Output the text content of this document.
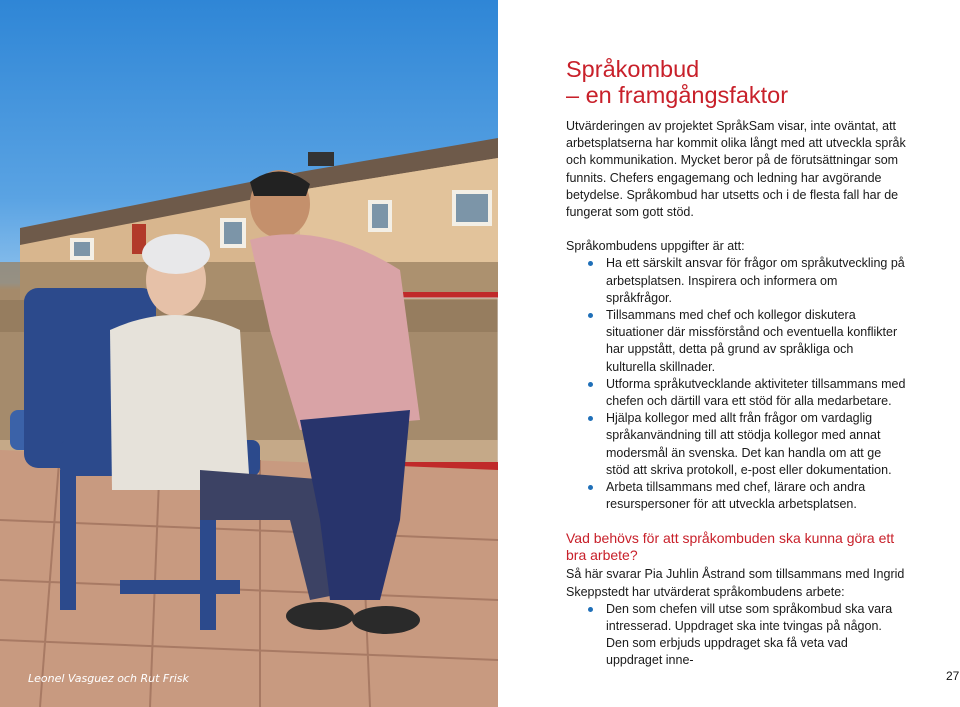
Leonel Vasguez och Rut Frisk
Språkombud
– en framgångsfaktor

Utvärderingen av projektet SpråkSam visar, inte oväntat, att arbetsplatserna har kommit olika långt med att utveckla språk och kommunikation. Mycket beror på de förutsättningar som funnits. Chefers engagemang och ledning har avgörande betydelse. Språkombud har utsetts och i de flesta fall har de fungerat som gott stöd.

Språkombudens uppgifter är att:

Ha ett särskilt ansvar för frågor om språkutveckling på arbetsplatsen. Inspirera och informera om språkfrågor.
Tillsammans med chef och kollegor diskutera situationer där missförstånd och eventuella konflikter har uppstått, detta på grund av språkliga och kulturella skillnader.
Utforma språkutvecklande aktiviteter tillsammans med chefen och därtill vara ett stöd för alla medarbetare.
Hjälpa kollegor med allt från frågor om vardaglig språkanvändning till att stödja kollegor med annat modersmål än svenska. Det kan handla om att ge stöd att skriva protokoll, e-post eller dokumentation.
Arbeta tillsammans med chef, lärare och andra resurspersoner för att utveckla arbetsplatsen.
Vad behövs för att språkombuden ska kunna göra ett bra arbete?

Så här svarar Pia Juhlin Åstrand som tillsammans med Ingrid Skeppstedt har utvärderat språkombudens arbete:

Den som chefen vill utse som språkombud ska vara intresserad. Uppdraget ska inte tvingas på någon. Den som erbjuds uppdraget ska få veta vad uppdraget inne-
27
